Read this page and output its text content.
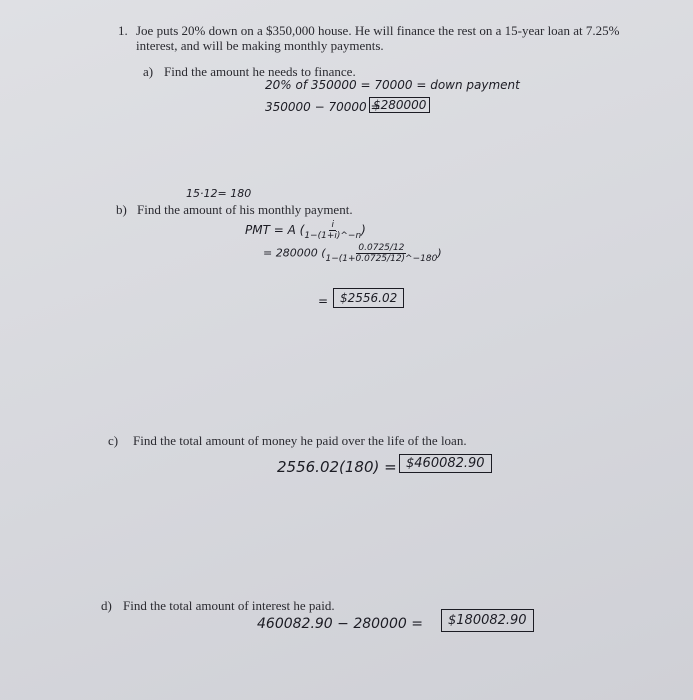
1. Joe puts 20% down on a $350,000 house. He will finance the rest on a 15-year loan at 7.25%
interest, and will be making monthly payments.
a) Find the amount he needs to finance.
20% of 350000 = 70000 = down payment
350000 − 70000 =
$280000
15·12= 180
b) Find the amount of his monthly payment.
PMT = A ( $\frac{i}{1-(1+i)\^{}-n}$ )
= 280000 ( $\frac{0.0725/12}{1-(1+0.0725/12)\^{}-180}$ )
= $2556.02
c) Find the total amount of money he paid over the life of the loan.
2556.02(180) = $460082.90
d) Find the total amount of interest he paid.
460082.90 − 280000 =	$180082.90
